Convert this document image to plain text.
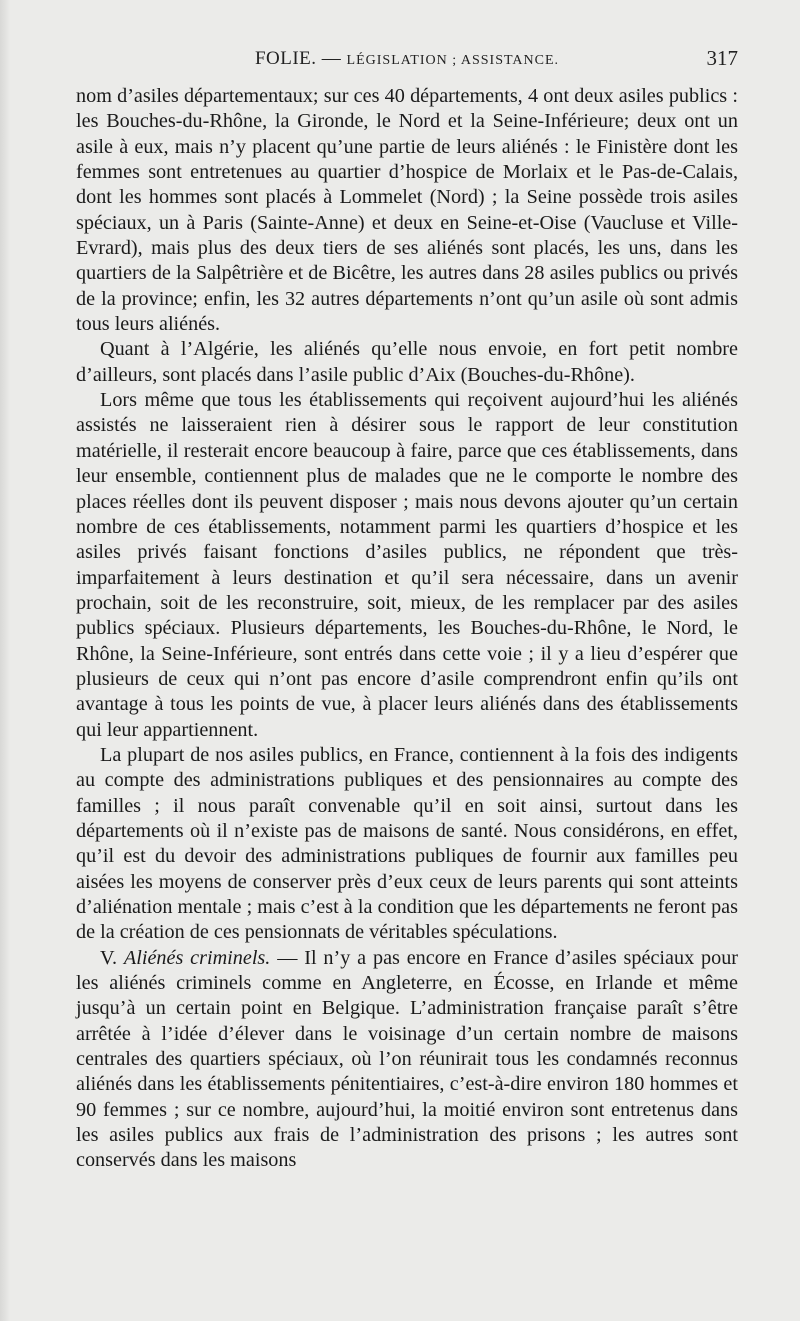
FOLIE. — LÉGISLATION ; ASSISTANCE.	317

nom d’asiles départementaux; sur ces 40 départements, 4 ont deux asiles publics : les Bouches-du-Rhône, la Gironde, le Nord et la Seine-Inférieure; deux ont un asile à eux, mais n’y placent qu’une partie de leurs aliénés : le Finistère dont les femmes sont entretenues au quartier d’hospice de Morlaix et le Pas-de-Calais, dont les hommes sont placés à Lommelet (Nord) ; la Seine possède trois asiles spéciaux, un à Paris (Sainte-Anne) et deux en Seine-et-Oise (Vaucluse et Ville-Evrard), mais plus des deux tiers de ses aliénés sont placés, les uns, dans les quartiers de la Salpêtrière et de Bicêtre, les autres dans 28 asiles publics ou privés de la province; enfin, les 32 autres départements n’ont qu’un asile où sont admis tous leurs aliénés.

Quant à l’Algérie, les aliénés qu’elle nous envoie, en fort petit nombre d’ailleurs, sont placés dans l’asile public d’Aix (Bouches-du-Rhône).

Lors même que tous les établissements qui reçoivent aujourd’hui les aliénés assistés ne laisseraient rien à désirer sous le rapport de leur constitution matérielle, il resterait encore beaucoup à faire, parce que ces établissements, dans leur ensemble, contiennent plus de malades que ne le comporte le nombre des places réelles dont ils peuvent disposer ; mais nous devons ajouter qu’un certain nombre de ces établissements, notamment parmi les quartiers d’hospice et les asiles privés faisant fonctions d’asiles publics, ne répondent que très-imparfaitement à leurs destination et qu’il sera nécessaire, dans un avenir prochain, soit de les reconstruire, soit, mieux, de les remplacer par des asiles publics spéciaux. Plusieurs départements, les Bouches-du-Rhône, le Nord, le Rhône, la Seine-Inférieure, sont entrés dans cette voie ; il y a lieu d’espérer que plusieurs de ceux qui n’ont pas encore d’asile comprendront enfin qu’ils ont avantage à tous les points de vue, à placer leurs aliénés dans des établissements qui leur appartiennent.

La plupart de nos asiles publics, en France, contiennent à la fois des indigents au compte des administrations publiques et des pensionnaires au compte des familles ; il nous paraît convenable qu’il en soit ainsi, surtout dans les départements où il n’existe pas de maisons de santé. Nous considérons, en effet, qu’il est du devoir des administrations publiques de fournir aux familles peu aisées les moyens de conserver près d’eux ceux de leurs parents qui sont atteints d’aliénation mentale ; mais c’est à la condition que les départements ne feront pas de la création de ces pensionnats de véritables spéculations.

V. Aliénés criminels. — Il n’y a pas encore en France d’asiles spéciaux pour les aliénés criminels comme en Angleterre, en Écosse, en Irlande et même jusqu’à un certain point en Belgique. L’administration française paraît s’être arrêtée à l’idée d’élever dans le voisinage d’un certain nombre de maisons centrales des quartiers spéciaux, où l’on réunirait tous les condamnés reconnus aliénés dans les établissements pénitentiaires, c’est-à-dire environ 180 hommes et 90 femmes ; sur ce nombre, aujourd’hui, la moitié environ sont entretenus dans les asiles publics aux frais de l’administration des prisons ; les autres sont conservés dans les maisons
